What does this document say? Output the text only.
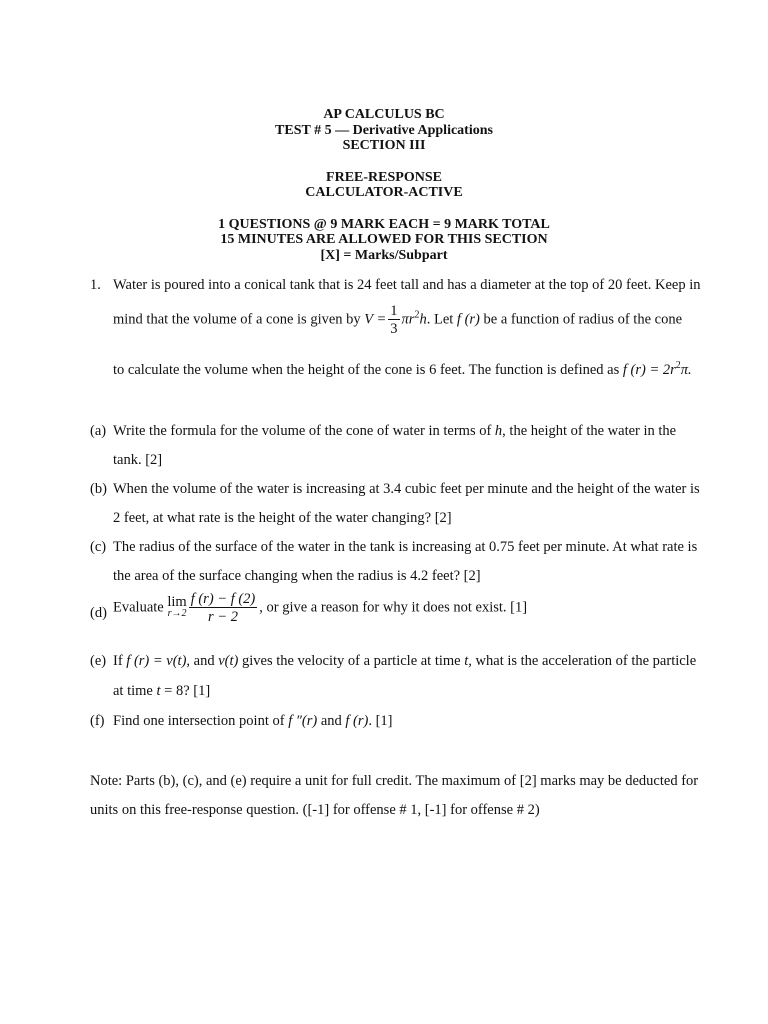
AP CALCULUS BC
TEST # 5 — Derivative Applications
SECTION III
FREE-RESPONSE
CALCULATOR-ACTIVE
1 QUESTIONS @ 9 MARK EACH = 9 MARK TOTAL
15 MINUTES ARE ALLOWED FOR THIS SECTION
[X] = Marks/Subpart
1. Water is poured into a conical tank that is 24 feet tall and has a diameter at the top of 20 feet. Keep in
mind that the volume of a cone is given by $V = \frac{1}{3} \pi r^2h$. Let f (r) be a function of radius of the cone
to calculate the volume when the height of the cone is 6 feet. The function is defined as f $(r) = 2r^2\pi$.
(a) Write the formula for the volume of the cone of water in terms of h, the height of the water in the
tank. [2]
(b) When the volume of the water is increasing at 3.4 cubic feet per minute and the height of the water is
2 feet, at what rate is the height of the water changing? [2]
(c) The radius of the surface of the water in the tank is increasing at 0.75 feet per minute. At what rate is
the area of the surface changing when the radius is 4.2 feet? [2]
(d) Evaluate lim
$r\to 2 \frac{f (r) - f (2)}{r - 2}$ , or give a reason for why it does not exist. [1]
(e) If f (r) = v(t), and v(t) gives the velocity of a particle at time t, what is the acceleration of the particle
at time t = 8? [1]
(f) Find one intersection point of f ″(r) and f (r). [1]
Note: Parts (b), (c), and (e) require a unit for full credit. The maximum of [2] marks may be deducted for
units on this free-response question. ([-1] for offense # 1, [-1] for offense # 2)
